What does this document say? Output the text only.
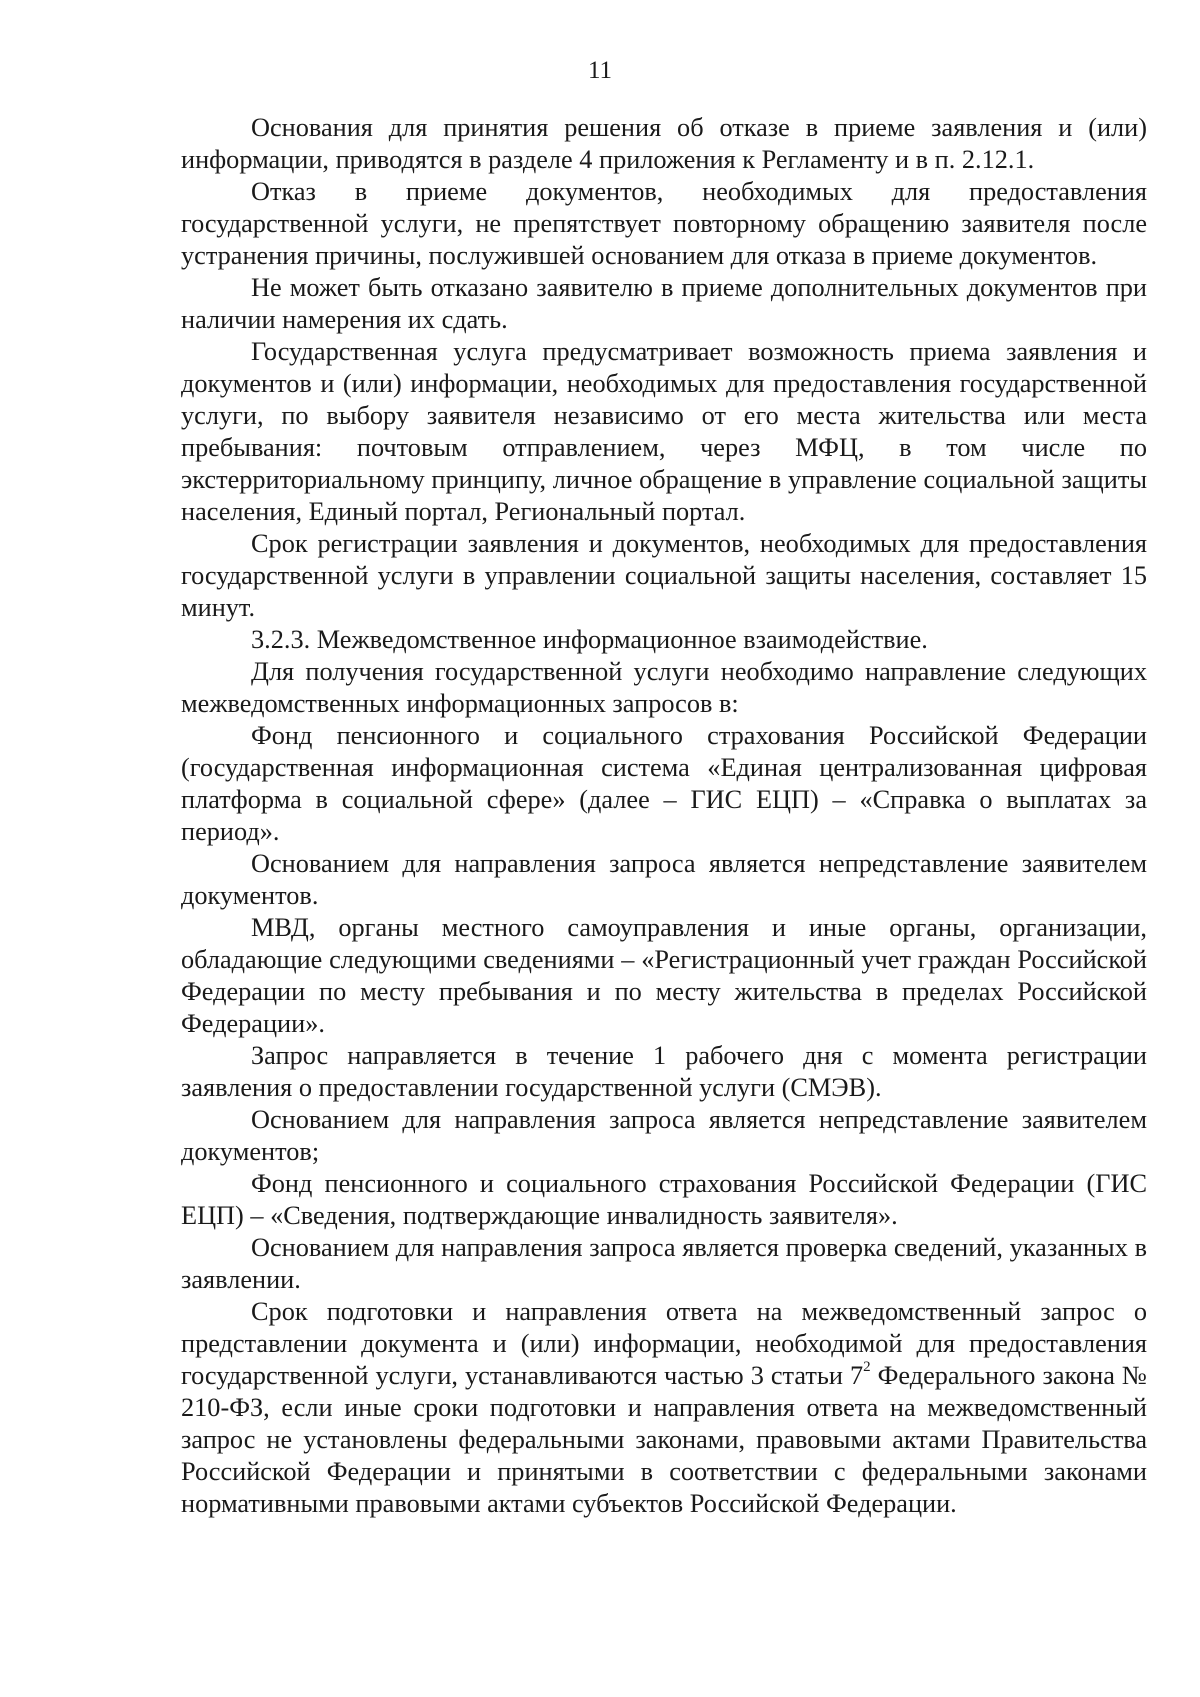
11

Основания для принятия решения об отказе в приеме заявления и (или) информации, приводятся в разделе 4 приложения к Регламенту и в п. 2.12.1.

Отказ в приеме документов, необходимых для предоставления государственной услуги, не препятствует повторному обращению заявителя после устранения причины, послужившей основанием для отказа в приеме документов.

Не может быть отказано заявителю в приеме дополнительных документов при наличии намерения их сдать.

Государственная услуга предусматривает возможность приема заявления и документов и (или) информации, необходимых для предоставления государственной услуги, по выбору заявителя независимо от его места жительства или места пребывания: почтовым отправлением, через МФЦ, в том числе по экстерриториальному принципу, личное обращение в управление социальной защиты населения, Единый портал, Региональный портал.

Срок регистрации заявления и документов, необходимых для предоставления государственной услуги в управлении социальной защиты населения, составляет 15 минут.

3.2.3. Межведомственное информационное взаимодействие.

Для получения государственной услуги необходимо направление следующих межведомственных информационных запросов в:

Фонд пенсионного и социального страхования Российской Федерации (государственная информационная система «Единая централизованная цифровая платформа в социальной сфере» (далее – ГИС ЕЦП) – «Справка о выплатах за период».

Основанием для направления запроса является непредставление заявителем документов.

МВД, органы местного самоуправления и иные органы, организации, обладающие следующими сведениями – «Регистрационный учет граждан Российской Федерации по месту пребывания и по месту жительства в пределах Российской Федерации».

Запрос направляется в течение 1 рабочего дня с момента регистрации заявления о предоставлении государственной услуги (СМЭВ).

Основанием для направления запроса является непредставление заявителем документов;

Фонд пенсионного и социального страхования Российской Федерации (ГИС ЕЦП) – «Сведения, подтверждающие инвалидность заявителя».

Основанием для направления запроса является проверка сведений, указанных в заявлении.

Срок подготовки и направления ответа на межведомственный запрос о представлении документа и (или) информации, необходимой для предоставления государственной услуги, устанавливаются частью 3 статьи $7^2$ Федерального закона № 210-ФЗ, если иные сроки подготовки и направления ответа на межведомственный запрос не установлены федеральными законами, правовыми актами Правительства Российской Федерации и принятыми в соответствии с федеральными законами нормативными правовыми актами субъектов Российской Федерации.
